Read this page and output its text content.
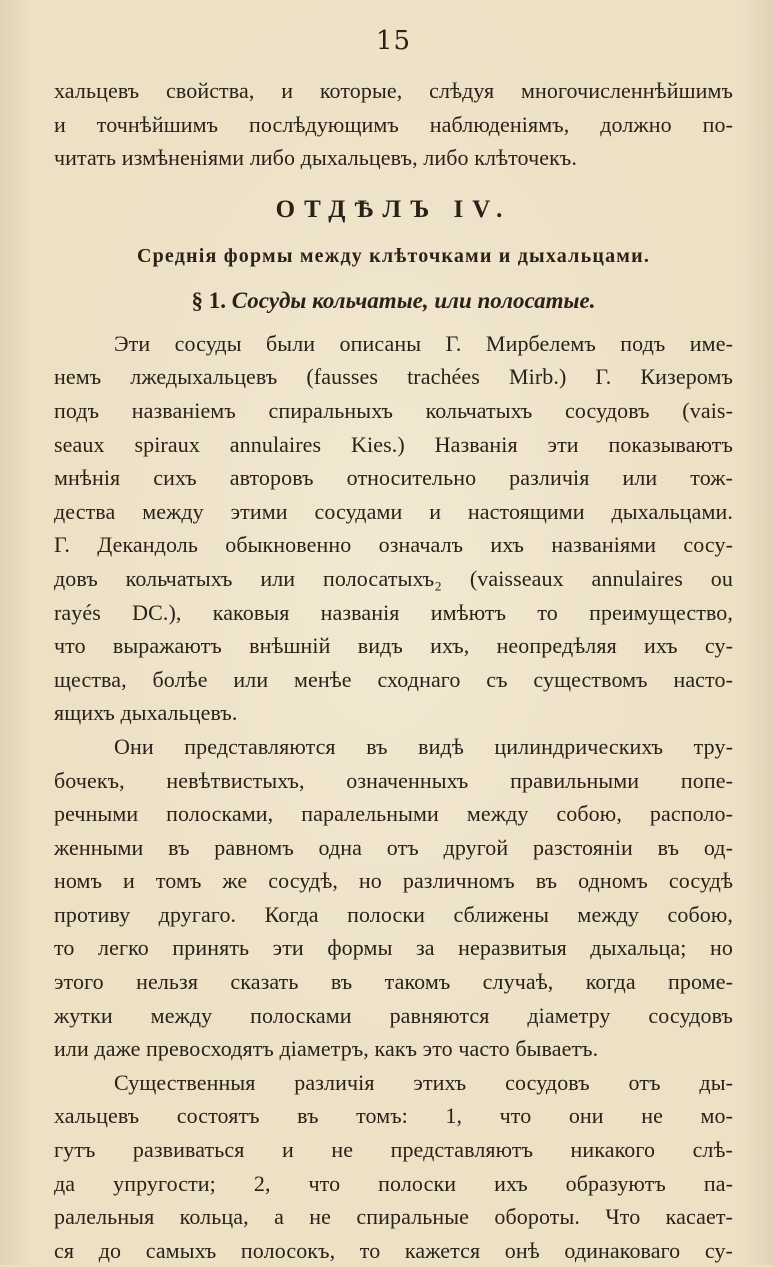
15
хальцевъ свойства, и которые, слѣдуя многочисленнѣйшимъ
и точнѣйшимъ послѣдующимъ наблюденіямъ, должно по-
читать измѣненіями либо дыхальцевъ, либо клѣточекъ.
ОТДѢЛЪ IV.
Среднія формы между клѣточками и дыхальцами.
§ 1. Сосуды кольчатые, или полосатые.
Эти сосуды были описаны Г. Мирбелемъ подъ име-
немъ лжедыхальцевъ (fausses trachées Mirb.) Г. Кизеромъ
подъ названіемъ спиральныхъ кольчатыхъ сосудовъ (vais-
seaux spiraux annulaires Kies.) Названія эти показываютъ
мнѣнія сихъ авторовъ относительно различія или тож-
дества между этими сосудами и настоящими дыхальцами.
Г. Декандоль обыкновенно означалъ ихъ названіями сосу-
довъ кольчатыхъ или полосатыхъ₂ (vaisseaux annulaires ou
rayés DC.), каковыя названія имѣютъ то преимущество,
что выражаютъ внѣшній видъ ихъ, неопредѣляя ихъ су-
щества, болѣе или менѣе сходнаго съ существомъ насто-
ящихъ дыхальцевъ.
Они представляются въ видѣ цилиндрическихъ тру-
бочекъ, невѣтвистыхъ, означенныхъ правильными попе-
речными полосками, паралельными между собою, располо-
женными въ равномъ одна отъ другой разстояніи въ од-
номъ и томъ же сосудѣ, но различномъ въ одномъ сосудѣ
противу другаго. Когда полоски сближены между собою,
то легко принять эти формы за неразвитыя дыхальца; но
этого нельзя сказать въ такомъ случаѣ, когда проме-
жутки между полосками равняются діаметру сосудовъ
или даже превосходятъ діаметръ, какъ это часто бываетъ.
Существенныя различія этихъ сосудовъ отъ ды-
хальцевъ состоятъ въ томъ: 1, что они не мо-
гутъ развиваться и не представляютъ никакого слѣ-
да упругости; 2, что полоски ихъ образуютъ па-
ралельныя кольца, а не спиральные обороты. Что касает-
ся до самыхъ полосокъ, то кажется онѣ одинаковаго су-
